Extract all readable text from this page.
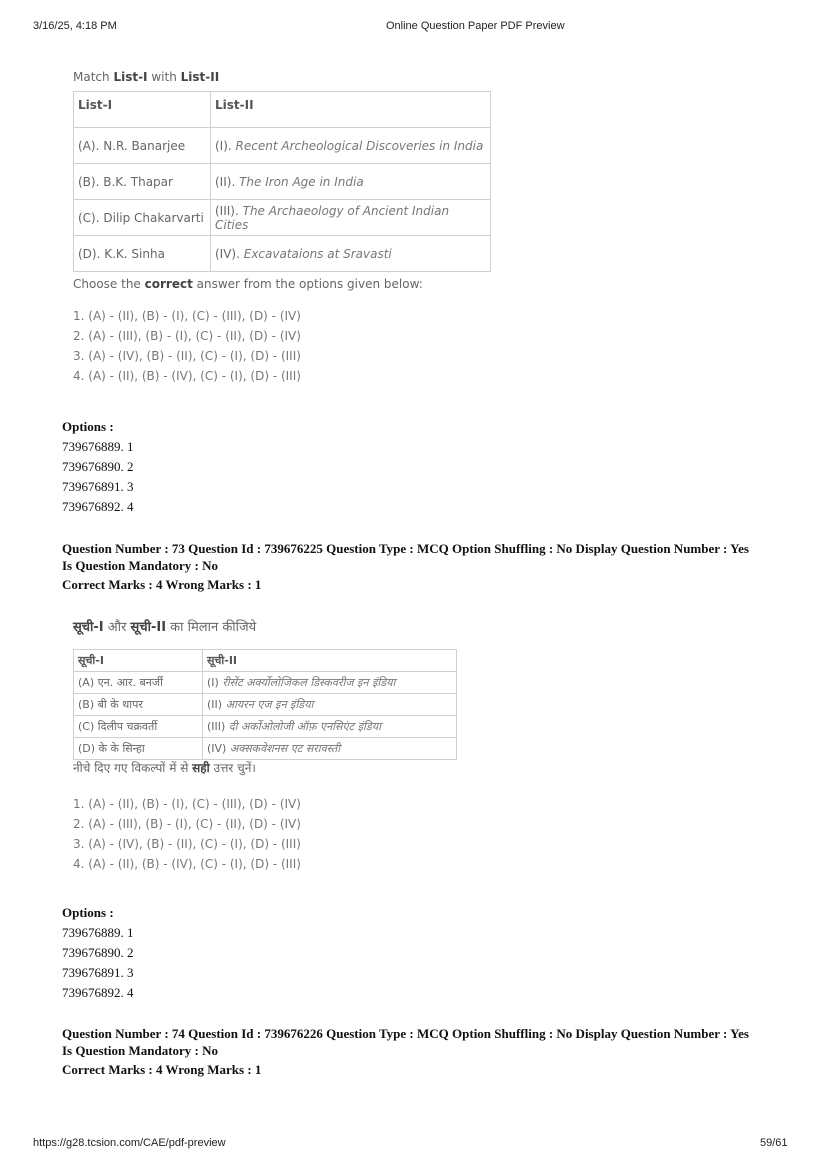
3/16/25, 4:18 PM	Online Question Paper PDF Preview
Match List-I with List-II
List-I	List-II
(A). N.R. Banarjee	(I). Recent Archeological Discoveries in India
(B). B.K. Thapar	(II). The Iron Age in India
(C). Dilip Chakarvarti	(III). The Archaeology of Ancient Indian Cities
(D). K.K. Sinha	(IV). Excavataions at Sravasti
Choose the correct answer from the options given below:
1. (A) - (II), (B) - (I), (C) - (III), (D) - (IV)
2. (A) - (III), (B) - (I), (C) - (II), (D) - (IV)
3. (A) - (IV), (B) - (II), (C) - (I), (D) - (III)
4. (A) - (II), (B) - (IV), (C) - (I), (D) - (III)
Options :
739676889. 1
739676890. 2
739676891. 3
739676892. 4
Question Number : 73 Question Id : 739676225 Question Type : MCQ Option Shuffling : No Display Question Number : Yes
Is Question Mandatory : No
Correct Marks : 4 Wrong Marks : 1
सूची-I और सूची-II का मिलान कीजिये
सूची-I	सूची-II
(A) एन. आर. बनर्जी	(I) रीसेंट अर्क्योलोजिकल डिस्कवरीज इन इंडिया
(B) बी के थापर	(II) आयरन एज इन इंडिया
(C) दिलीप चक्रवर्ती	(III) दी अर्कोओलोजी ऑफ़ एनसिएंट इंडिया
(D) के के सिन्हा	(IV) अक्सकवेशनस एट सरावस्ती
नीचे दिए गए विकल्पों में से सही उत्तर चुनें।
1. (A) - (II), (B) - (I), (C) - (III), (D) - (IV)
2. (A) - (III), (B) - (I), (C) - (II), (D) - (IV)
3. (A) - (IV), (B) - (II), (C) - (I), (D) - (III)
4. (A) - (II), (B) - (IV), (C) - (I), (D) - (III)
Options :
739676889. 1
739676890. 2
739676891. 3
739676892. 4
Question Number : 74 Question Id : 739676226 Question Type : MCQ Option Shuffling : No Display Question Number : Yes
Is Question Mandatory : No
Correct Marks : 4 Wrong Marks : 1
https://g28.tcsion.com/CAE/pdf-preview	59/61
